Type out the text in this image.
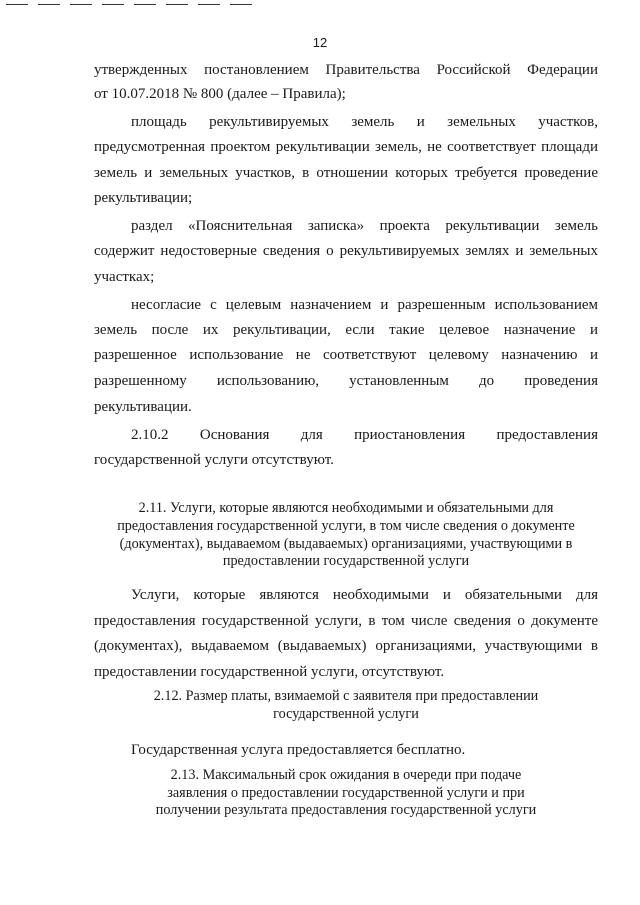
12
утвержденных постановлением Правительства Российской Федерации
от 10.07.2018 № 800 (далее – Правила);
площадь рекультивируемых земель и земельных участков,
предусмотренная проектом рекультивации земель, не соответствует площади
земель и земельных участков, в отношении которых требуется проведение
рекультивации;
раздел «Пояснительная записка» проекта рекультивации земель
содержит недостоверные сведения о рекультивируемых землях и земельных
участках;
несогласие с целевым назначением и разрешенным использованием
земель после их рекультивации, если такие целевое назначение и
разрешенное использование не соответствуют целевому назначению и
разрешенному использованию, установленным до проведения
рекультивации.
2.10.2 Основания для приостановления предоставления
государственной услуги отсутствуют.
2.11. Услуги, которые являются необходимыми и обязательными для
предоставления государственной услуги, в том числе сведения о документе
(документах), выдаваемом (выдаваемых) организациями, участвующими в
предоставлении государственной услуги
Услуги, которые являются необходимыми и обязательными для
предоставления государственной услуги, в том числе сведения о документе
(документах), выдаваемом (выдаваемых) организациями, участвующими в
предоставлении государственной услуги, отсутствуют.
2.12. Размер платы, взимаемой с заявителя при предоставлении
государственной услуги
Государственная услуга предоставляется бесплатно.
2.13. Максимальный срок ожидания в очереди при подаче
заявления о предоставлении государственной услуги и при
получении результата предоставления государственной услуги
